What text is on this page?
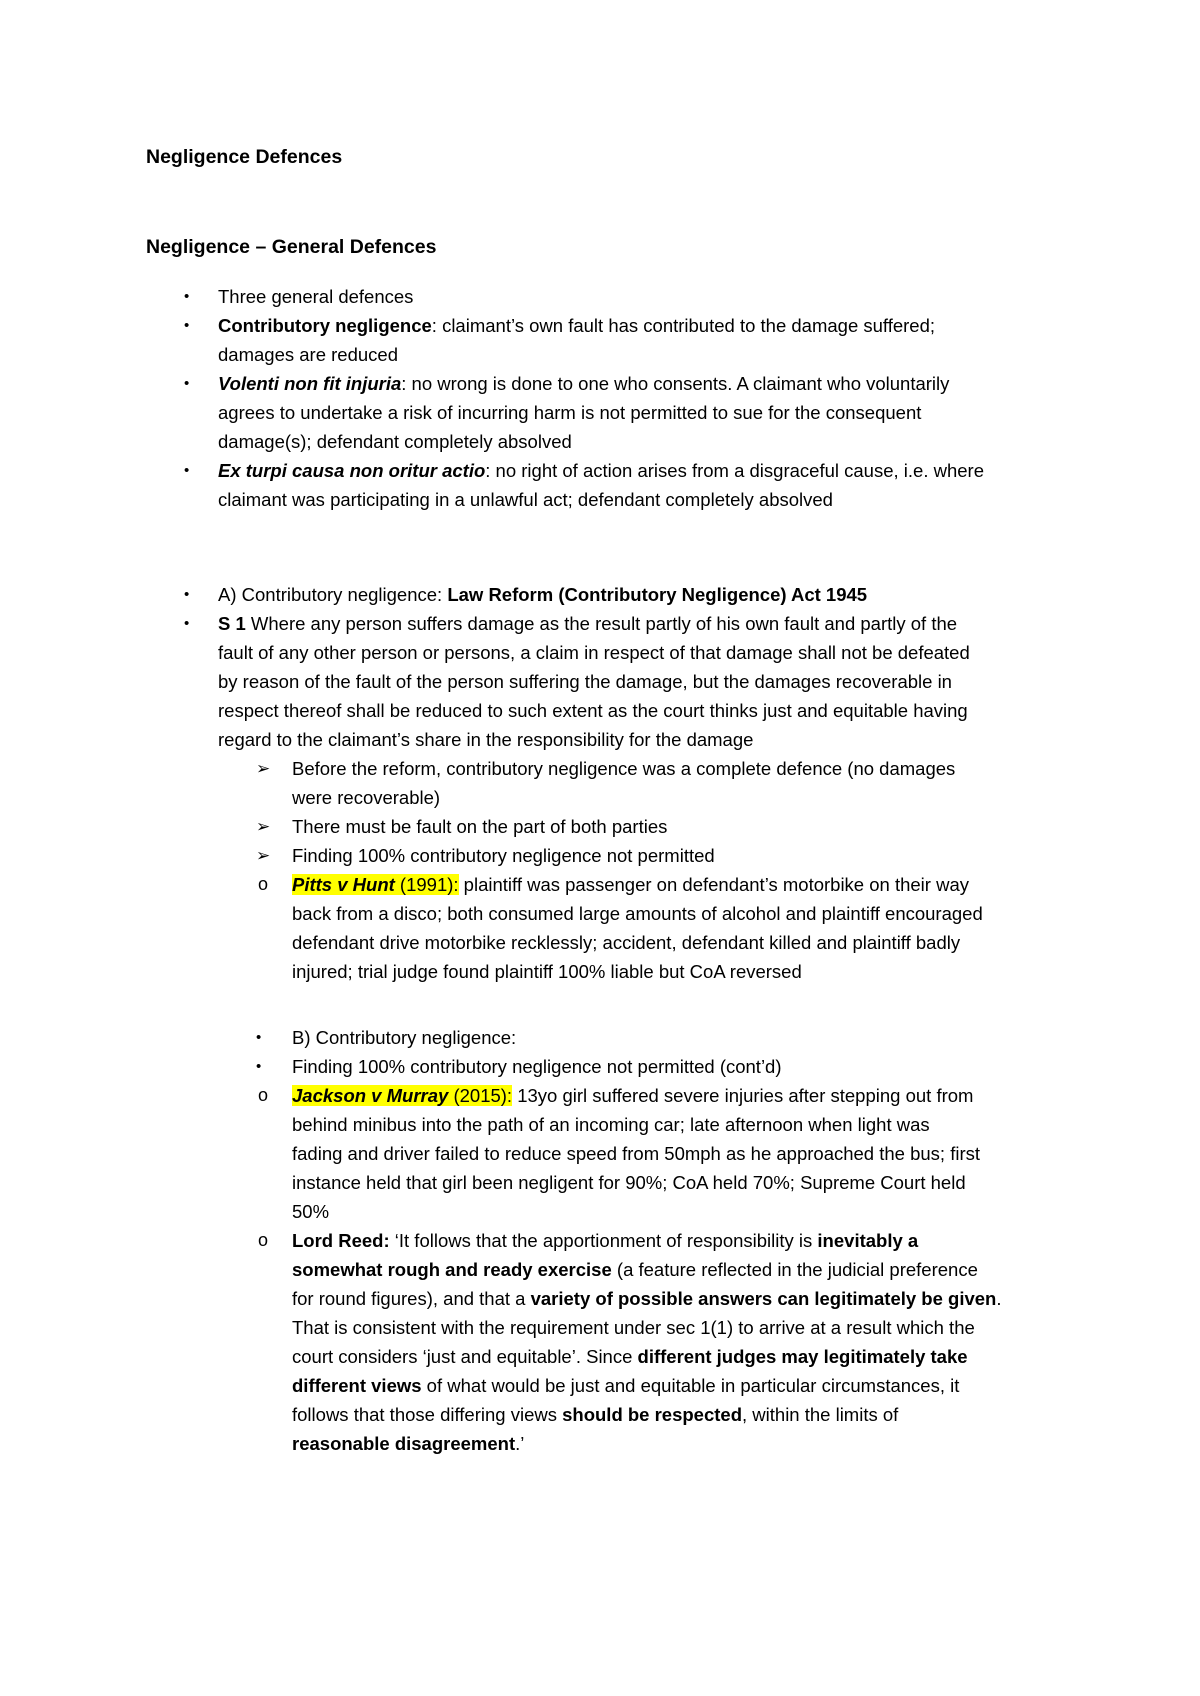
Negligence Defences
Negligence – General Defences
• Three general defences
• Contributory negligence: claimant’s own fault has contributed to the damage suffered;
damages are reduced
• Volenti non fit injuria: no wrong is done to one who consents. A claimant who voluntarily
agrees to undertake a risk of incurring harm is not permitted to sue for the consequent
damage(s); defendant completely absolved
• Ex turpi causa non oritur actio: no right of action arises from a disgraceful cause, i.e. where
claimant was participating in a unlawful act; defendant completely absolved
• A) Contributory negligence: Law Reform (Contributory Negligence) Act 1945
• S 1 Where any person suffers damage as the result partly of his own fault and partly of the
fault of any other person or persons, a claim in respect of that damage shall not be defeated
by reason of the fault of the person suffering the damage, but the damages recoverable in
respect thereof shall be reduced to such extent as the court thinks just and equitable having
regard to the claimant’s share in the responsibility for the damage
➢ Before the reform, contributory negligence was a complete defence (no damages
were recoverable)
➢ There must be fault on the part of both parties
➢ Finding 100% contributory negligence not permitted
o Pitts v Hunt (1991): plaintiff was passenger on defendant’s motorbike on their way
back from a disco; both consumed large amounts of alcohol and plaintiff encouraged
defendant drive motorbike recklessly; accident, defendant killed and plaintiff badly
injured; trial judge found plaintiff 100% liable but CoA reversed
• B) Contributory negligence:
• Finding 100% contributory negligence not permitted (cont’d)
o Jackson v Murray (2015): 13yo girl suffered severe injuries after stepping out from
behind minibus into the path of an incoming car; late afternoon when light was
fading and driver failed to reduce speed from 50mph as he approached the bus; first
instance held that girl been negligent for 90%; CoA held 70%; Supreme Court held
50%
o Lord Reed: ‘It follows that the apportionment of responsibility is inevitably a
somewhat rough and ready exercise (a feature reflected in the judicial preference
for round figures), and that a variety of possible answers can legitimately be given.
That is consistent with the requirement under sec 1(1) to arrive at a result which the
court considers ‘just and equitable’. Since different judges may legitimately take
different views of what would be just and equitable in particular circumstances, it
follows that those differing views should be respected, within the limits of
reasonable disagreement.’
